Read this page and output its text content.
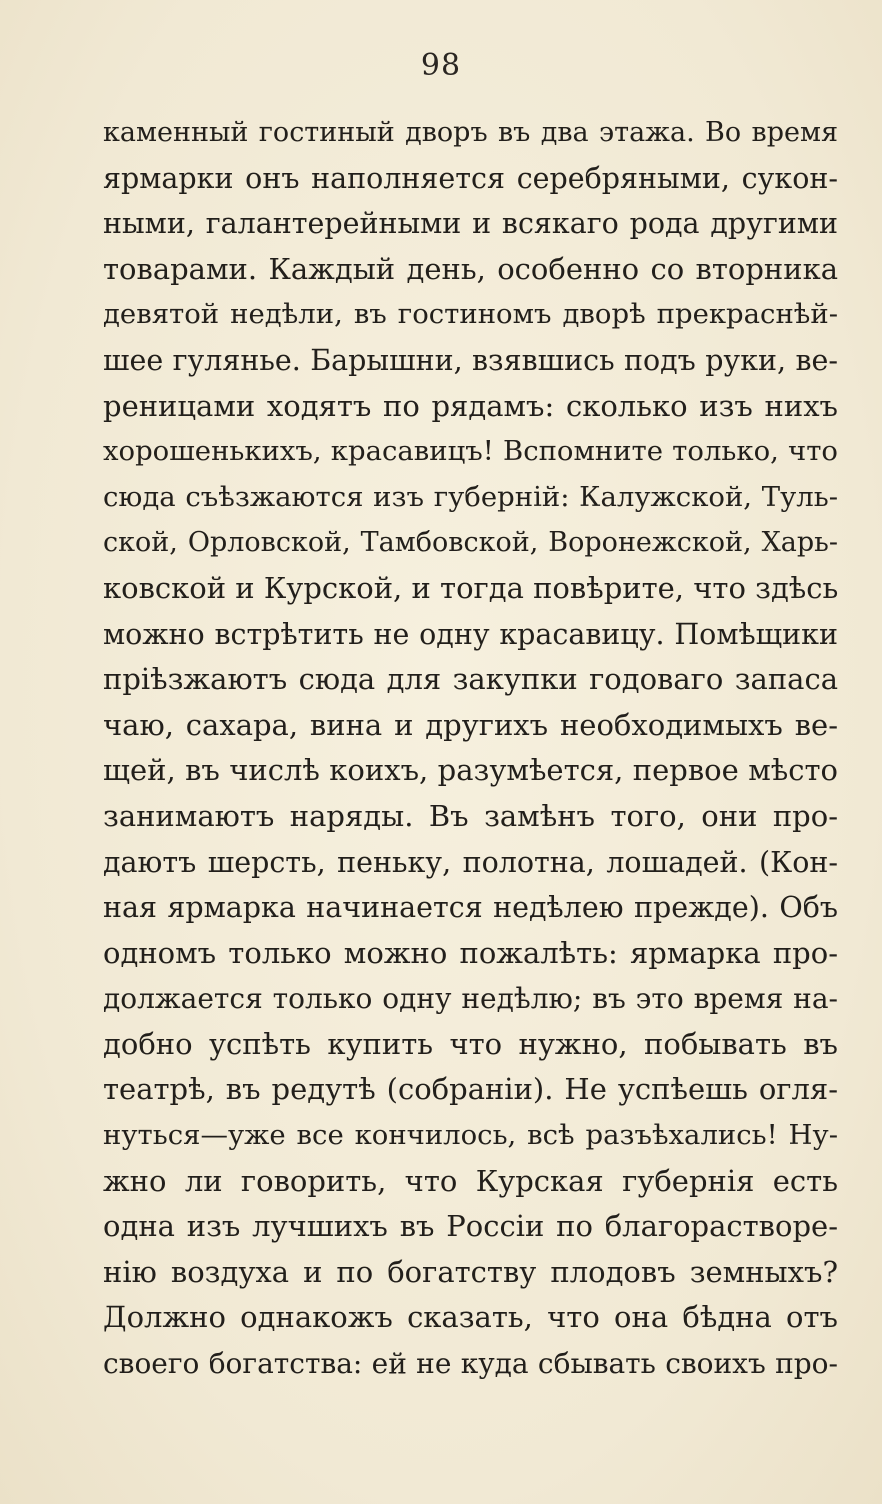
98
каменный гостиный дворъ въ два этажа. Во время
ярмарки онъ наполняется серебряными, сукон-
ными, галантерейными и всякаго рода другими
товарами. Каждый день, особенно со вторника
девятой недѣли, въ гостиномъ дворѣ прекраснѣй-
шее гулянье. Барышни, взявшись подъ руки, ве-
реницами ходятъ по рядамъ: сколько изъ нихъ
хорошенькихъ, красавицъ! Вспомните только, что
сюда съѣзжаются изъ губерній: Калужской, Туль-
ской, Орловской, Тамбовской, Воронежской, Харь-
ковской и Курской, и тогда повѣрите, что здѣсь
можно встрѣтить не одну красавицу. Помѣщики
пріѣзжаютъ сюда для закупки годоваго запаса
чаю, сахара, вина и другихъ необходимыхъ ве-
щей, въ числѣ коихъ, разумѣется, первое мѣсто
занимаютъ наряды. Въ замѣнъ того, они про-
даютъ шерсть, пеньку, полотна, лошадей. (Кон-
ная ярмарка начинается недѣлею прежде). Объ
одномъ только можно пожалѣть: ярмарка про-
должается только одну недѣлю; въ это время на-
добно успѣть купить что нужно, побывать въ
театрѣ, въ редутѣ (собраніи). Не успѣешь огля-
нуться—уже все кончилось, всѣ разъѣхались! Ну-
жно ли говорить, что Курская губернія есть
одна изъ лучшихъ въ Россіи по благорастворе-
нію воздуха и по богатству плодовъ земныхъ?
Должно однакожъ сказать, что она бѣдна отъ
своего богатства: ей не куда сбывать своихъ про-
